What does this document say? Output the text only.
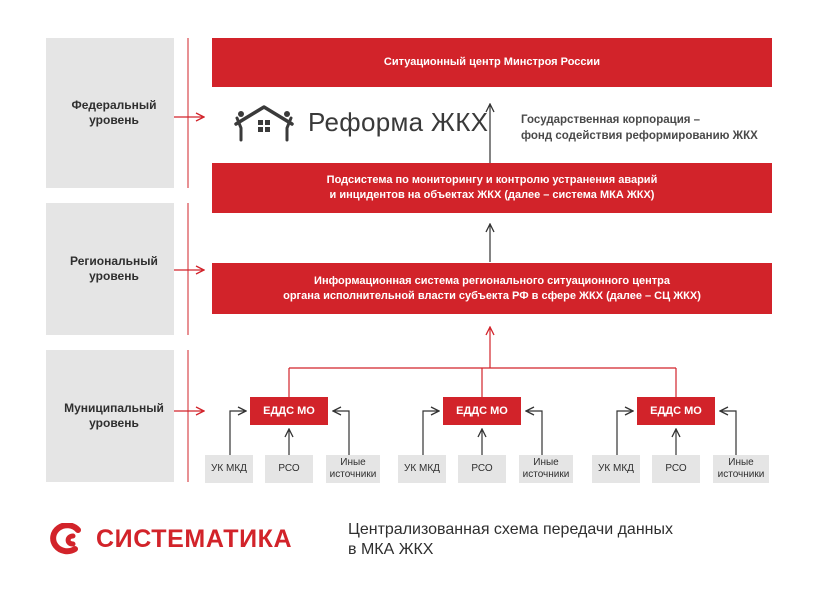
Федеральный
уровень
Региональный
уровень
Муниципальный
уровень
Ситуационный центр Минстроя России
Подсистема по мониторингу и контролю устранения аварий
и инцидентов на объектах ЖКХ (далее – система МКА ЖКХ)
Информационная система регионального ситуационного центра
органа исполнительной власти субъекта РФ в сфере ЖКХ (далее – СЦ ЖКХ)
Реформа ЖКХ	Государственная корпорация –
фонд содействия реформированию ЖКХ
ЕДДС МО
УК МКД	РСО
Иные
источники
ЕДДС МО
УК МКД	РСО
Иные
источники
ЕДДС МО
УК МКД	РСО
Иные
источники
СИСТЕМАТИКА	Централизованная схема передачи данных
в МКА ЖКХ
